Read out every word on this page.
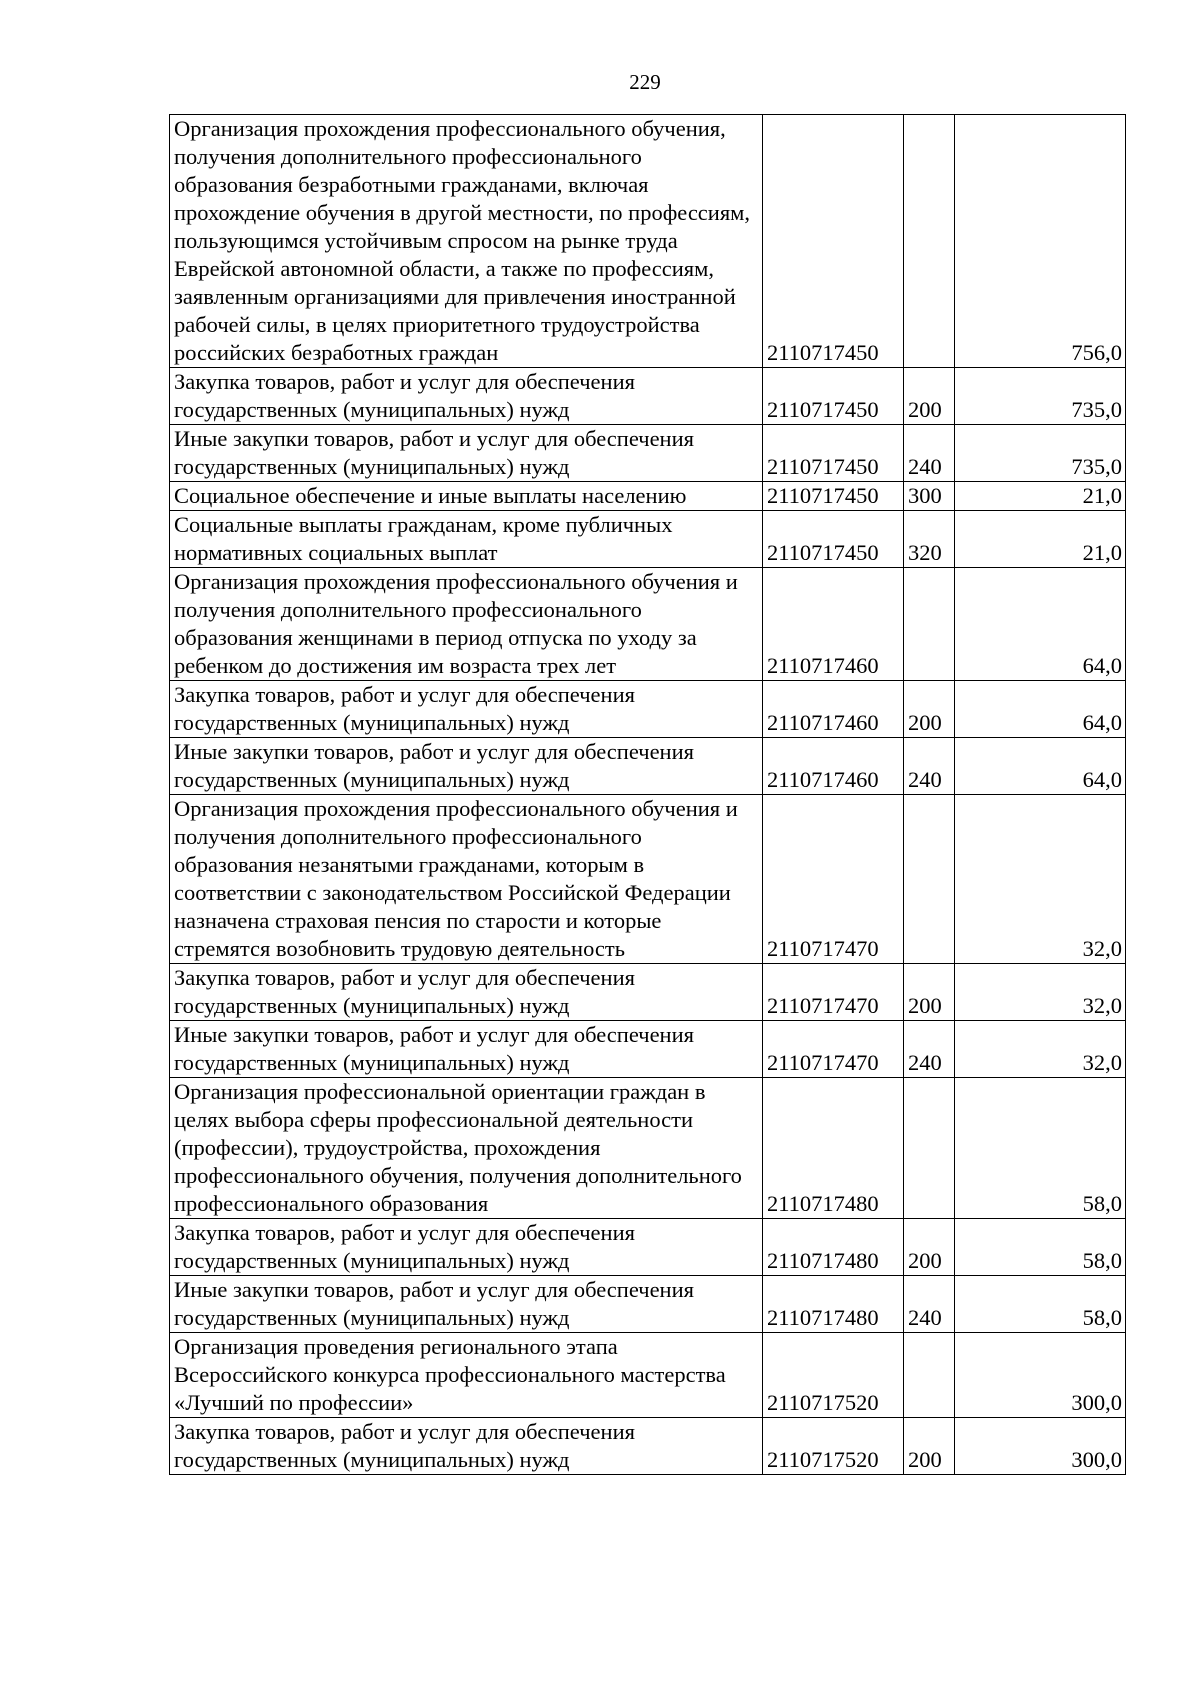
229
Организация прохождения профессионального обучения, получения дополнительного профессионального образования безработными гражданами, включая прохождение обучения в другой местности, по профессиям, пользующимся устойчивым спросом на рынке труда Еврейской автономной области, а также по профессиям, заявленным организациями для привлечения иностранной рабочей силы, в целях приоритетного трудоустройства российских безработных граждан	2110717450		756,0
Закупка товаров, работ и услуг для обеспечения государственных (муниципальных) нужд	2110717450	200	735,0
Иные закупки товаров, работ и услуг для обеспечения государственных (муниципальных) нужд	2110717450	240	735,0
Социальное обеспечение и иные выплаты населению	2110717450	300	21,0
Социальные выплаты гражданам, кроме публичных нормативных социальных выплат	2110717450	320	21,0
Организация прохождения профессионального обучения и получения дополнительного профессионального образования женщинами в период отпуска по уходу за ребенком до достижения им возраста трех лет	2110717460		64,0
Закупка товаров, работ и услуг для обеспечения государственных (муниципальных) нужд	2110717460	200	64,0
Иные закупки товаров, работ и услуг для обеспечения государственных (муниципальных) нужд	2110717460	240	64,0
Организация прохождения профессионального обучения и получения дополнительного профессионального образования незанятыми гражданами, которым в соответствии с законодательством Российской Федерации назначена страховая пенсия по старости и которые стремятся возобновить трудовую деятельность	2110717470		32,0
Закупка товаров, работ и услуг для обеспечения государственных (муниципальных) нужд	2110717470	200	32,0
Иные закупки товаров, работ и услуг для обеспечения государственных (муниципальных) нужд	2110717470	240	32,0
Организация профессиональной ориентации граждан в целях выбора сферы профессиональной деятельности (профессии), трудоустройства, прохождения профессионального обучения, получения дополнительного профессионального образования	2110717480		58,0
Закупка товаров, работ и услуг для обеспечения государственных (муниципальных) нужд	2110717480	200	58,0
Иные закупки товаров, работ и услуг для обеспечения государственных (муниципальных) нужд	2110717480	240	58,0
Организация проведения регионального этапа Всероссийского конкурса профессионального мастерства «Лучший по профессии»	2110717520		300,0
Закупка товаров, работ и услуг для обеспечения государственных (муниципальных) нужд	2110717520	200	300,0
